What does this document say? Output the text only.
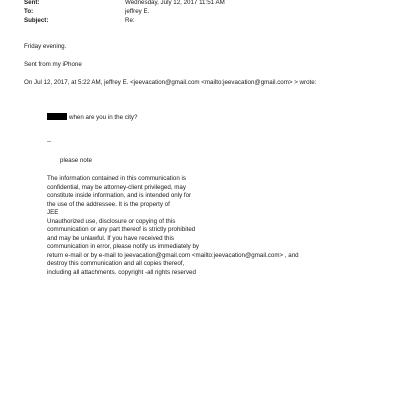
Sent:	Wednesday, July 12, 2017 11:51 AM
To:	jeffrey E.
Subject:	Re:
Friday evening.
Sent from my iPhone
On Jul 12, 2017, at 5:22 AM, jeffrey E. <jeevacation@gmail.com <mailto:jeevacation@gmail.com> > wrote:
when are you in the city?
--
please note
The information contained in this communication is
confidential, may be attorney-client privileged, may
constitute inside information, and is intended only for
the use of the addressee. It is the property of
JEE
Unauthorized use, disclosure or copying of this
communication or any part thereof is strictly prohibited
and may be unlawful. If you have received this
communication in error, please notify us immediately by
return e-mail or by e-mail to jeevacation@gmail.com <mailto:jeevacation@gmail.com> , and
destroy this communication and all copies thereof,
including all attachments. copyright -all rights reserved
